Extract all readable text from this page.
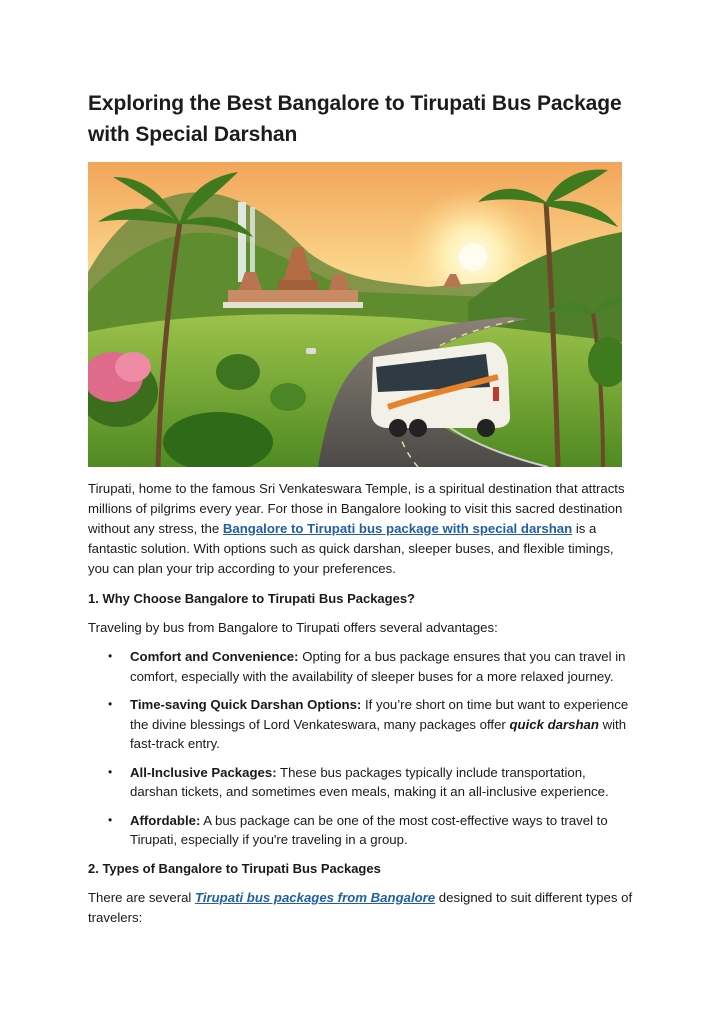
Exploring the Best Bangalore to Tirupati Bus Package with Special Darshan

Tirupati, home to the famous Sri Venkateswara Temple, is a spiritual destination that attracts millions of pilgrims every year. For those in Bangalore looking to visit this sacred destination without any stress, the Bangalore to Tirupati bus package with special darshan is a fantastic solution. With options such as quick darshan, sleeper buses, and flexible timings, you can plan your trip according to your preferences.

1. Why Choose Bangalore to Tirupati Bus Packages?

Traveling by bus from Bangalore to Tirupati offers several advantages:

• Comfort and Convenience: Opting for a bus package ensures that you can travel in comfort, especially with the availability of sleeper buses for a more relaxed journey.
• Time-saving Quick Darshan Options: If you’re short on time but want to experience the divine blessings of Lord Venkateswara, many packages offer quick darshan with fast-track entry.
• All-Inclusive Packages: These bus packages typically include transportation, darshan tickets, and sometimes even meals, making it an all-inclusive experience.
• Affordable: A bus package can be one of the most cost-effective ways to travel to Tirupati, especially if you're traveling in a group.

2. Types of Bangalore to Tirupati Bus Packages

There are several Tirupati bus packages from Bangalore designed to suit different types of travelers:
